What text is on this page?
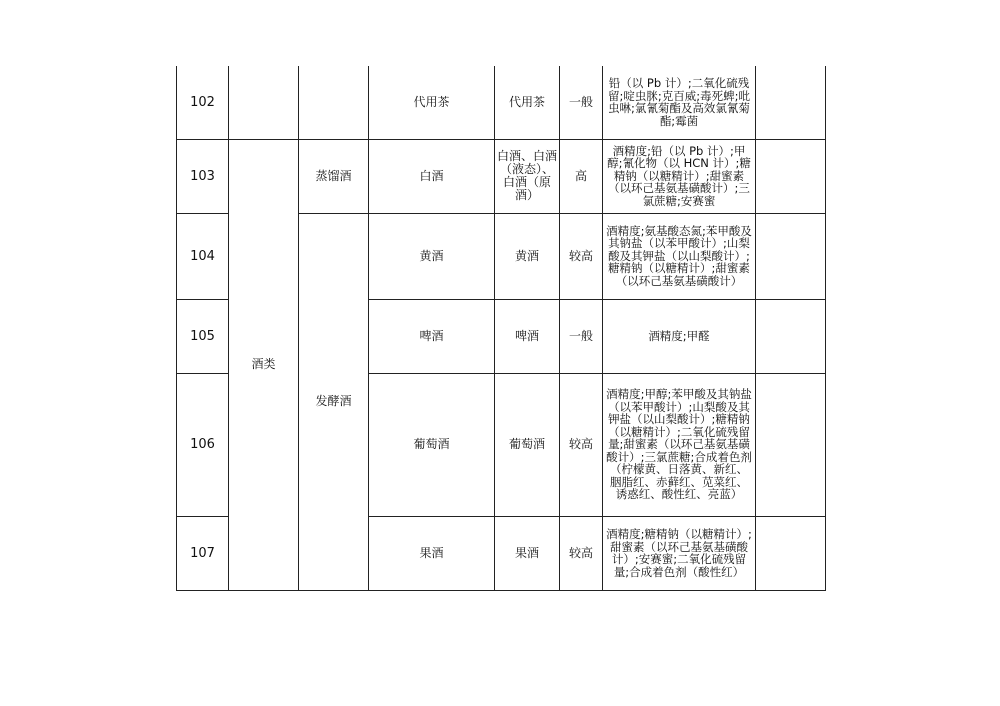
102			代用茶	代用茶	一般	铅（以 Pb 计）;二氧化硫残留;啶虫脒;克百威;毒死蜱;吡虫啉;氯氰菊酯及高效氯氰菊酯;霉菌	
103	酒类	蒸馏酒	白酒	白酒、白酒（液态）、白酒（原酒）	高	酒精度;铅（以 Pb 计）;甲醇;氰化物（以 HCN 计）;糖精钠（以糖精计）;甜蜜素（以环己基氨基磺酸计）;三氯蔗糖;安赛蜜	
104		发酵酒	黄酒	黄酒	较高	酒精度;氨基酸态氮;苯甲酸及其钠盐（以苯甲酸计）;山梨酸及其钾盐（以山梨酸计）;糖精钠（以糖精计）;甜蜜素（以环己基氨基磺酸计）	
105			啤酒	啤酒	一般	酒精度;甲醛	
106			葡萄酒	葡萄酒	较高	酒精度;甲醇;苯甲酸及其钠盐（以苯甲酸计）;山梨酸及其钾盐（以山梨酸计）;糖精钠（以糖精计）;二氧化硫残留量;甜蜜素（以环己基氨基磺酸计）;三氯蔗糖;合成着色剂（柠檬黄、日落黄、新红、胭脂红、赤藓红、苋菜红、诱惑红、酸性红、亮蓝）	
107			果酒	果酒	较高	酒精度;糖精钠（以糖精计）;甜蜜素（以环己基氨基磺酸计）;安赛蜜;二氧化硫残留量;合成着色剂（酸性红）	
